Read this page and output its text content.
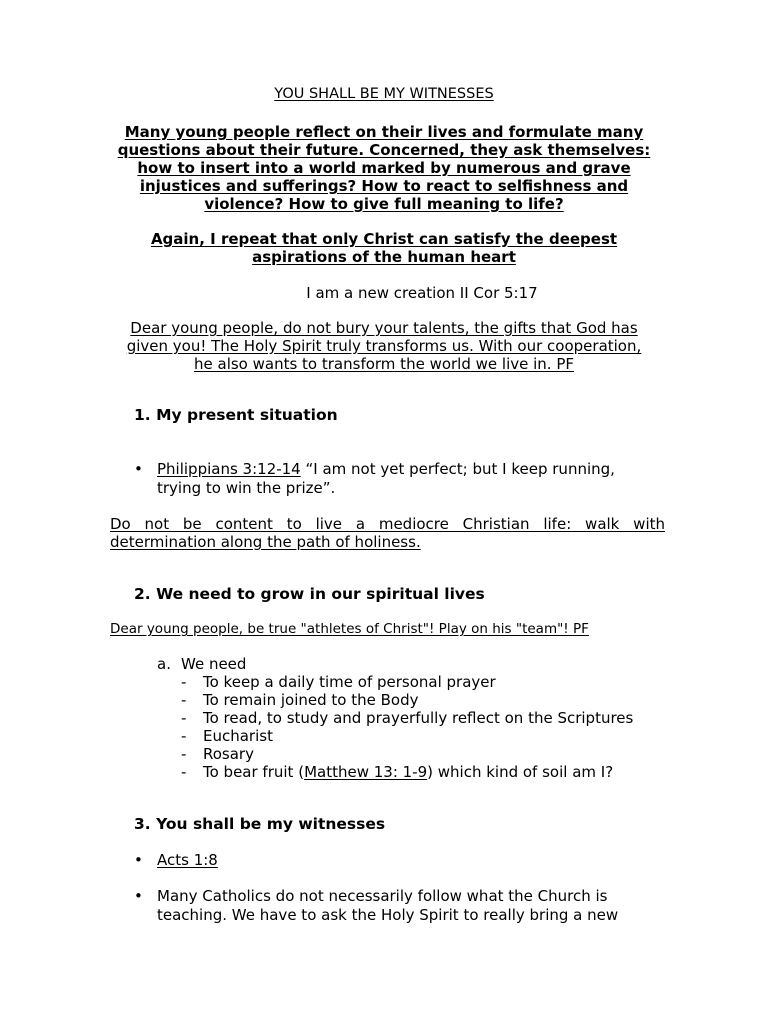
YOU SHALL BE MY WITNESSES
Many young people reflect on their lives and formulate many
questions about their future. Concerned, they ask themselves:
how to insert into a world marked by numerous and grave
injustices and sufferings? How to react to selfishness and
violence? How to give full meaning to life?
Again, I repeat that only Christ can satisfy the deepest
aspirations of the human heart
I am a new creation II Cor 5:17
Dear young people, do not bury your talents, the gifts that God has
given you! The Holy Spirit truly transforms us. With our cooperation,
he also wants to transform the world we live in. PF
1. My present situation
• Philippians 3:12-14 “I am not yet perfect; but I keep running,
trying to win the prize”.
Do not be content to live a mediocre Christian life: walk with
determination along the path of holiness.
2. We need to grow in our spiritual lives
Dear young people, be true "athletes of Christ"! Play on his "team"! PF
a. We need
- To keep a daily time of personal prayer
- To remain joined to the Body
- To read, to study and prayerfully reflect on the Scriptures
- Eucharist
- Rosary
- To bear fruit (Matthew 13: 1-9) which kind of soil am I?
3. You shall be my witnesses
• Acts 1:8
• Many Catholics do not necessarily follow what the Church is
teaching. We have to ask the Holy Spirit to really bring a new
